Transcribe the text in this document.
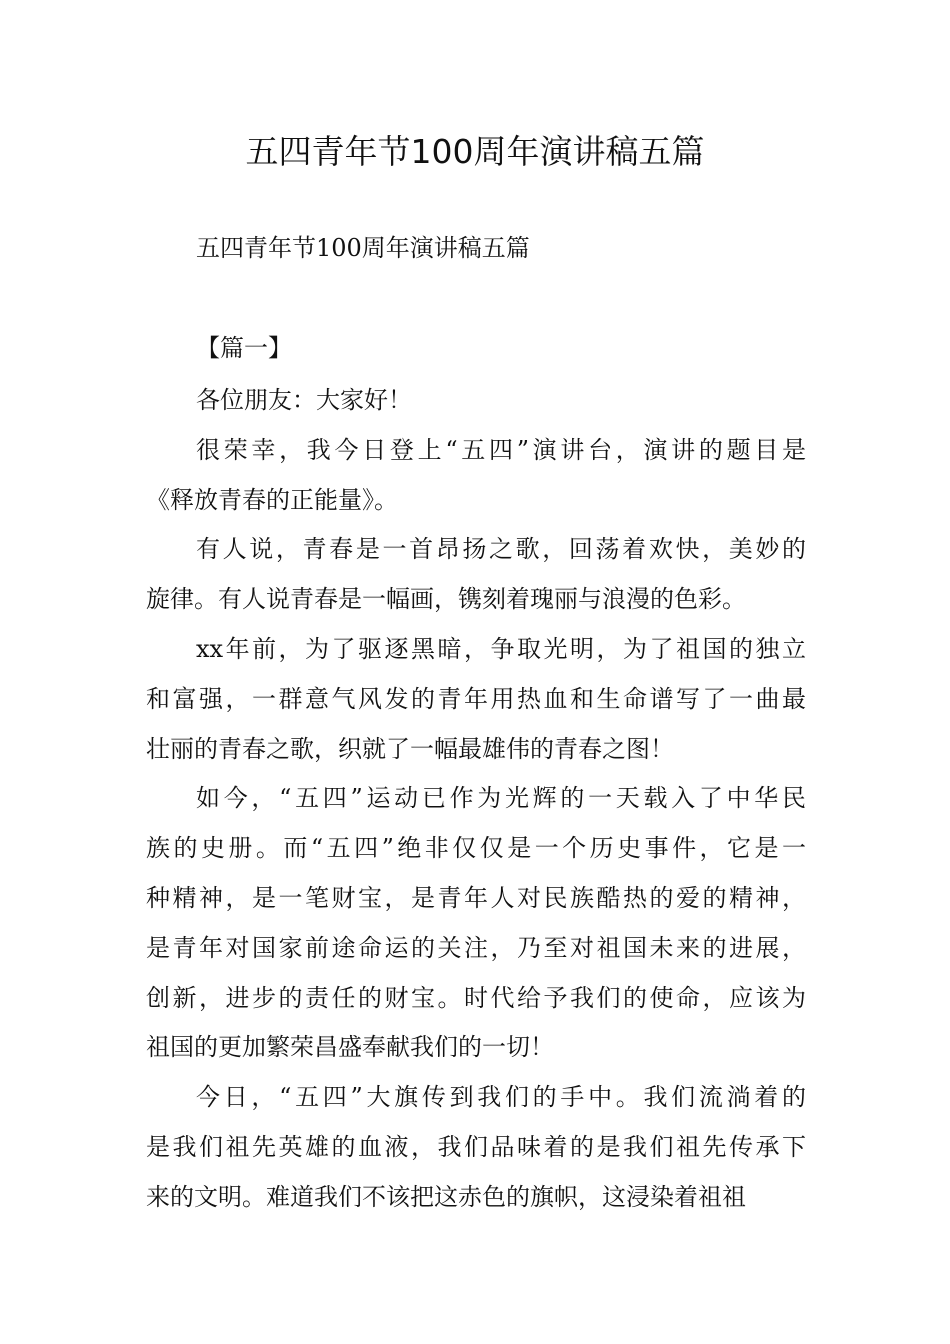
五四青年节100周年演讲稿五篇
五四青年节100周年演讲稿五篇
【篇一】
各位朋友：大家好！
很荣幸，我今日登上“五四”演讲台，演讲的题目是
《释放青春的正能量》。
有人说，青春是一首昂扬之歌，回荡着欢快，美妙的
旋律。有人说青春是一幅画，镌刻着瑰丽与浪漫的色彩。
xx年前，为了驱逐黑暗，争取光明，为了祖国的独立
和富强，一群意气风发的青年用热血和生命谱写了一曲最
壮丽的青春之歌，织就了一幅最雄伟的青春之图！
如今，“五四”运动已作为光辉的一天载入了中华民
族的史册。而“五四”绝非仅仅是一个历史事件，它是一
种精神，是一笔财宝，是青年人对民族酷热的爱的精神，
是青年对国家前途命运的关注，乃至对祖国未来的进展，
创新，进步的责任的财宝。时代给予我们的使命，应该为
祖国的更加繁荣昌盛奉献我们的一切！
今日，“五四”大旗传到我们的手中。我们流淌着的
是我们祖先英雄的血液，我们品味着的是我们祖先传承下
来的文明。难道我们不该把这赤色的旗帜，这浸染着祖祖
